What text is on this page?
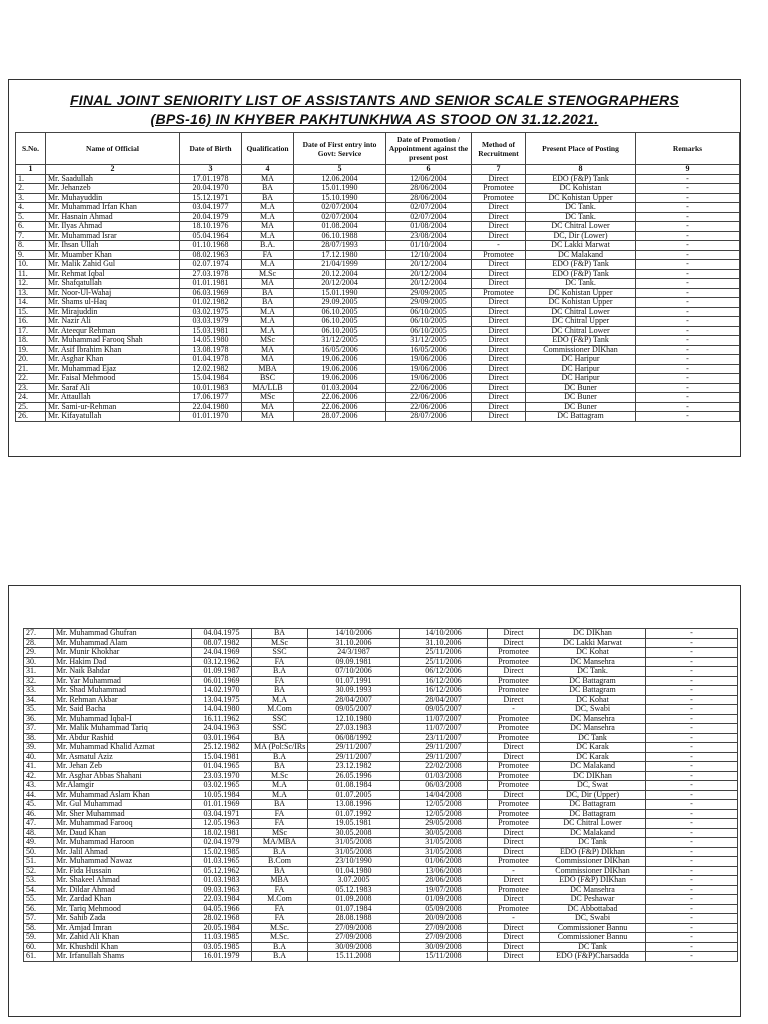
FINAL JOINT SENIORITY LIST OF ASSISTANTS AND SENIOR SCALE STENOGRAPHERS
(BPS-16) IN KHYBER PAKHTUNKHWA AS STOOD ON 31.12.2021.
S.No.	Name of Official	Date of Birth	Qualification	Date of First entry into Govt: Service	Date of Promotion / Appointment against the present post	Method of Recruitment	Present Place of Posting	Remarks
1	2	3	4	5	6	7	8	9
1.	Mr. Saadullah	17.01.1978	MA	12.06.2004	12/06/2004	Direct	EDO (F&P) Tank	-
2.	Mr. Jehanzeb	20.04.1970	BA	15.01.1990	28/06/2004	Promotee	DC Kohistan	-
3.	Mr. Muhayuddin	15.12.1971	BA	15.10.1990	28/06/2004	Promotee	DC Kohistan Upper	-
4.	Mr. Muhammad Irfan Khan	03.04.1977	M.A	02/07/2004	02/07/2004	Direct	DC Tank.	-
5.	Mr. Hasnain Ahmad	20.04.1979	M.A	02/07/2004	02/07/2004	Direct	DC Tank.	-
6.	Mr. Ilyas Ahmad	18.10.1976	MA	01.08.2004	01/08/2004	Direct	DC Chitral Lower	-
7.	Mr. Muhammad Israr	05.04.1964	M.A	06.10.1988	23/08/2004	Direct	DC, Dir (Lower)	-
8.	Mr. Ihsan Ullah	01.10.1968	B.A.	28/07/1993	01/10/2004	-	DC Lakki Marwat	-
9.	Mr. Muamber Khan	08.02.1963	FA	17.12.1980	12/10/2004	Promotee	DC Malakand	-
10.	Mr. Malik Zahid Gul	02.07.1974	M.A	21/04/1999	20/12/2004	Direct	EDO (F&P) Tank	-
11.	Mr. Rehmat Iqbal	27.03.1978	M.Sc	20.12.2004	20/12/2004	Direct	EDO (F&P) Tank	-
12.	Mr. Shafqatullah	01.01.1981	MA	20/12/2004	20/12/2004	Direct	DC Tank.	-
13.	Mr. Noor-Ul-Wahaj	06.03.1969	BA	15.01.1990	29/09/2005	Promotee	DC Kohistan Upper	-
14.	Mr. Shams ul-Haq	01.02.1982	BA	29.09.2005	29/09/2005	Direct	DC Kohistan Upper	-
15.	Mr. Mirajuddin	03.02.1975	M.A	06.10.2005	06/10/2005	Direct	DC Chitral Lower	-
16.	Mr. Nazir Ali	03.03.1979	M.A	06.10.2005	06/10/2005	Direct	DC Chitral Upper	-
17.	Mr. Ateequr Rehman	15.03.1981	M.A	06.10.2005	06/10/2005	Direct	DC Chitral Lower	-
18.	Mr. Muhammad Farooq Shah	14.05.1980	MSc	31/12/2005	31/12/2005	Direct	EDO (F&P) Tank	-
19.	Mr. Asif Ibrahim Khan	13.08.1978	MA	16/05/2006	16/05/2006	Direct	Commissioner DIKhan	-
20.	Mr. Asghar Khan	01.04.1978	MA	19.06.2006	19/06/2006	Direct	DC Haripur	-
21.	Mr. Muhammad Ejaz	12.02.1982	MBA	19.06.2006	19/06/2006	Direct	DC Haripur	-
22.	Mr. Faisal Mehmood	15.04.1984	BSC	19.06.2006	19/06/2006	Direct	DC Haripur	-
23.	Mr. Saraf Ali	10.01.1983	MA/LLB	01.03.2004	22/06/2006	Direct	DC Buner	-
24.	Mr. Attaullah	17.06.1977	MSc	22.06.2006	22/06/2006	Direct	DC Buner	-
25.	Mr. Sami-ur-Rehman	22.04.1980	MA	22.06.2006	22/06/2006	Direct	DC Buner	-
26.	Mr. Kifayatullah	01.01.1970	MA	28.07.2006	28/07/2006	Direct	DC Battagram	-
27.	Mr. Muhammad Ghufran	04.04.1975	BA	14/10/2006	14/10/2006	Direct	DC DIKhan	-
28.	Mr. Muhammad Alam	08.07.1982	M.Sc	31.10.2006	31.10.2006	Direct	DC Lakki Marwat	-
29.	Mr. Munir Khokhar	24.04.1969	SSC	24/3/1987	25/11/2006	Promotee	DC Kohat	-
30.	Mr. Hakim Dad	03.12.1962	FA	09.09.1981	25/11/2006	Promotee	DC Mansehra	-
31.	Mr. Naik Bahdar	01.09.1987	B.A	07/10/2006	06/12/2006	Direct	DC Tank.	-
32.	Mr. Yar Muhammad	06.01.1969	FA	01.07.1991	16/12/2006	Promotee	DC Battagram	-
33.	Mr. Shad Muhammad	14.02.1970	BA	30.09.1993	16/12/2006	Promotee	DC Battagram	-
34.	Mr. Rehman Akbar	13.04.1975	M.A	28/04/2007	28/04/2007	Direct	DC Kohat	-
35.	Mr. Said Bacha	14.04.1980	M.Com	09/05/2007	09/05/2007	-	DC, Swabi	-
36.	Mr. Muhammad Iqbal-I	16.11.1962	SSC	12.10.1980	11/07/2007	Promotee	DC Mansehra	-
37.	Mr. Malik Muhammad Tariq	24.04.1963	SSC	27.03.1983	11/07/2007	Promotee	DC Mansehra	-
38.	Mr. Abdur Rashid	03.01.1964	BA	06/08/1992	23/11/2007	Promotee	DC Tank	-
39.	Mr. Muhammad Khalid Azmat	25.12.1982	MA (Pol:Sc/IRs	29/11/2007	29/11/2007	Direct	DC Karak	-
40.	Mr. Asmatul Aziz	15.04.1981	B.A	29/11/2007	29/11/2007	Direct	DC Karak	-
41.	Mr. Jehan Zeb	01.04.1965	BA	23.12.1982	22/02/2008	Promotee	DC Malakand	-
42.	Mr. Asghar Abbas Shahani	23.03.1970	M.Sc	26.05.1996	01/03/2008	Promotee	DC DIKhan	-
43.	Mr.Alamgir	03.02.1965	M.A	01.08.1984	06/03/2008	Promotee	DC, Swat	-
44.	Mr. Muhammad Aslam Khan	10.05.1984	M.A	01.07.2005	14/04/2008	Direct	DC, Dir (Upper)	-
45.	Mr. Gul Muhammad	01.01.1969	BA	13.08.1996	12/05/2008	Promotee	DC Battagram	-
46.	Mr. Sher Muhammad	03.04.1971	FA	01.07.1992	12/05/2008	Promotee	DC Battagram	-
47.	Mr. Muhammad Farooq	12.05.1963	FA	19.05.1981	29/05/2008	Promotee	DC Chitral Lower	-
48.	Mr. Daud Khan	18.02.1981	MSc	30.05.2008	30/05/2008	Direct	DC Malakand	-
49.	Mr. Muhammad Haroon	02.04.1979	MA/MBA	31/05/2008	31/05/2008	Direct	DC Tank	-
50.	Mr. Jalil Ahmad	15.02.1985	B.A	31/05/2008	31/05/2008	Direct	EDO (F&P) DIkhan	-
51.	Mr. Muhammad Nawaz	01.03.1965	B.Com	23/10/1990	01/06/2008	Promotee	Commissioner DIKhan	-
52.	Mr. Fida Hussain	05.12.1962	BA	01.04.1980	13/06/2008	-	Commissioner DIKhan	-
53.	Mr. Shakeel Ahmad	01.03.1983	MBA	3.07.2005	28/06/2008	Direct	EDO (F&P) DIKhan	-
54.	Mr. Dildar Ahmad	09.03.1963	FA	05.12.1983	19/07/2008	Promotee	DC Mansehra	-
55.	Mr. Zardad Khan	22.03.1984	M.Com	01.09.2008	01/09/2008	Direct	DC Peshawar	-
56.	Mr. Tariq Mehmood	04.05.1966	FA	01.07.1984	05/09/2008	Promotee	DC Abbottabad	-
57.	Mr. Sahib Zada	28.02.1968	FA	28.08.1988	20/09/2008	-	DC, Swabi	-
58.	Mr. Amjad Imran	20.05.1984	M.Sc.	27/09/2008	27/09/2008	Direct	Commissioner Bannu	-
59.	Mr. Zahid Ali Khan	11.03.1985	M.Sc.	27/09/2008	27/09/2008	Direct	Commissioner Bannu	-
60.	Mr. Khushdil Khan	03.05.1985	B.A	30/09/2008	30/09/2008	Direct	DC Tank	-
61.	Mr. Irfanullah Shams	16.01.1979	B.A	15.11.2008	15/11/2008	Direct	EDO (F&P)Charsadda	-
